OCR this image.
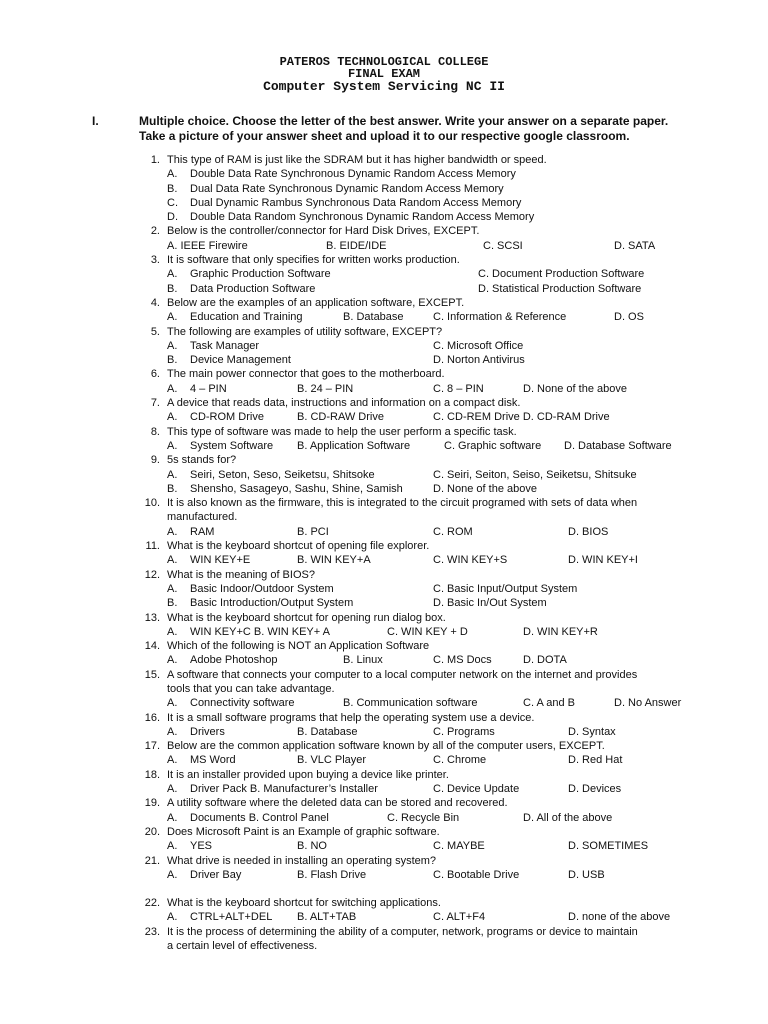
PATEROS TECHNOLOGICAL COLLEGE
FINAL EXAM
Computer System Servicing NC II
I.	Multiple choice. Choose the letter of the best answer. Write your answer on a separate paper.
Take a picture of your answer sheet and upload it to our respective google classroom.
1. This type of RAM is just like the SDRAM but it has higher bandwidth or speed.
A. Double Data Rate Synchronous Dynamic Random Access Memory
B. Dual Data Rate Synchronous Dynamic Random Access Memory
C. Dual Dynamic Rambus Synchronous Data Random Access Memory
D. Double Data Random Synchronous Dynamic Random Access Memory
2. Below is the controller/connector for Hard Disk Drives, EXCEPT.
A. IEEE Firewire	B. EIDE/IDE	C. SCSI	D. SATA
3. It is software that only specifies for written works production.
A. Graphic Production Software	C. Document Production Software
B. Data Production Software	D. Statistical Production Software
4. Below are the examples of an application software, EXCEPT.
A. Education and Training	B. Database	C. Information & Reference	D. OS
5. The following are examples of utility software, EXCEPT?
A. Task Manager	C. Microsoft Office
B. Device Management	D. Norton Antivirus
6. The main power connector that goes to the motherboard.
A. 4 – PIN	B. 24 – PIN	C. 8 – PIN	D. None of the above
7. A device that reads data, instructions and information on a compact disk.
A. CD-ROM Drive	B. CD-RAW Drive	C. CD-REM Drive D. CD-RAM Drive
8. This type of software was made to help the user perform a specific task.
A. System Software B. Application Software	C. Graphic software D. Database Software
9. 5s stands for?
A. Seiri, Seton, Seso, Seiketsu, Shitsoke	C. Seiri, Seiton, Seiso, Seiketsu, Shitsuke
B. Shensho, Sasageyo, Sashu, Shine, Samish	D. None of the above
10. It is also known as the firmware, this is integrated to the circuit programed with sets of data when
manufactured.
A. RAM	B. PCI	C. ROM	D. BIOS
11. What is the keyboard shortcut of opening file explorer.
A. WIN KEY+E	B. WIN KEY+A	C. WIN KEY+S	D. WIN KEY+I
12. What is the meaning of BIOS?
A. Basic Indoor/Outdoor System	C. Basic Input/Output System
B. Basic Introduction/Output System	D. Basic In/Out System
13. What is the keyboard shortcut for opening run dialog box.
A. WIN KEY+C B. WIN KEY+ A	C. WIN KEY + D	D. WIN KEY+R
14. Which of the following is NOT an Application Software
A. Adobe Photoshop	B. Linux	C. MS Docs	D. DOTA
15. A software that connects your computer to a local computer network on the internet and provides
tools that you can take advantage.
A. Connectivity software	B. Communication software	C. A and B	D. No Answer
16. It is a small software programs that help the operating system use a device.
A. Drivers	B. Database	C. Programs	D. Syntax
17. Below are the common application software known by all of the computer users, EXCEPT.
A. MS Word	B. VLC Player	C. Chrome	D. Red Hat
18. It is an installer provided upon buying a device like printer.
A. Driver Pack B. Manufacturer’s Installer	C. Device Update	D. Devices
19. A utility software where the deleted data can be stored and recovered.
A. Documents B. Control Panel	C. Recycle Bin	D. All of the above
20. Does Microsoft Paint is an Example of graphic software.
A. YES	B. NO	C. MAYBE	D. SOMETIMES
21. What drive is needed in installing an operating system?
A. Driver Bay	B. Flash Drive	C. Bootable Drive	D. USB
22. What is the keyboard shortcut for switching applications.
A. CTRL+ALT+DEL B. ALT+TAB	C. ALT+F4	D. none of the above
23. It is the process of determining the ability of a computer, network, programs or device to maintain
a certain level of effectiveness.
